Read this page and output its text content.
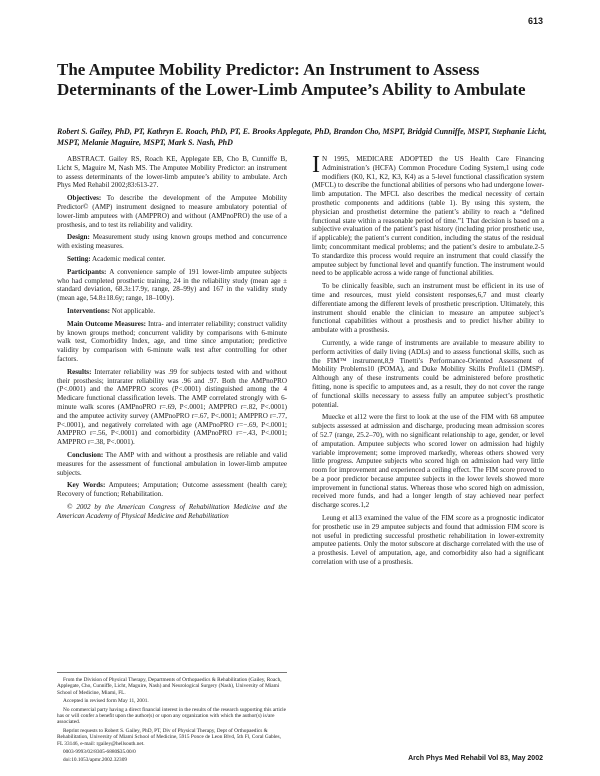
613
The Amputee Mobility Predictor: An Instrument to Assess Determinants of the Lower-Limb Amputee’s Ability to Ambulate
Robert S. Gailey, PhD, PT, Kathryn E. Roach, PhD, PT, E. Brooks Applegate, PhD, Brandon Cho, MSPT, Bridgid Cunniffe, MSPT, Stephanie Licht, MSPT, Melanie Maguire, MSPT, Mark S. Nash, PhD

ABSTRACT. Gailey RS, Roach KE, Applegate EB, Cho B, Cunniffe B, Licht S, Maguire M, Nash MS. The Amputee Mobility Predictor: an instrument to assess determinants of the lower-limb amputee’s ability to ambulate. Arch Phys Med Rehabil 2002;83:613-27.

Objectives: To describe the development of the Amputee Mobility Predictor© (AMP) instrument designed to measure ambulatory potential of lower-limb amputees with (AMPPRO) and without (AMPnoPRO) the use of a prosthesis, and to test its reliability and validity.

Design: Measurement study using known groups method and concurrence with existing measures.

Setting: Academic medical center.

Participants: A convenience sample of 191 lower-limb amputee subjects who had completed prosthetic training, 24 in the reliability study (mean age ± standard deviation, 68.3±17.9y, range, 28–99y) and 167 in the validity study (mean age, 54.8±18.6y; range, 18–100y).

Interventions: Not applicable.

Main Outcome Measures: Intra- and interrater reliability; construct validity by known groups method; concurrent validity by comparisons with 6-minute walk test, Comorbidity Index, age, and time since amputation; predictive validity by comparison with 6-minute walk test after controlling for other factors.

Results: Interrater reliability was .99 for subjects tested with and without their prosthesis; intrarater reliability was .96 and .97. Both the AMPnoPRO (P<.0001) and the AMPPRO scores (P<.0001) distinguished among the 4 Medicare functional classification levels. The AMP correlated strongly with 6-minute walk scores (AMPnoPRO r=.69, P<.0001; AMPPRO r=.82, P<.0001) and the amputee activity survey (AMPnoPRO r=.67, P<.0001; AMPPRO r=.77, P<.0001), and negatively correlated with age (AMPnoPRO r=−.69, P<.0001; AMPPRO r=.56, P<.0001) and comorbidity (AMPnoPRO r=−.43, P<.0001; AMPPRO r=.38, P<.0001).

Conclusion: The AMP with and without a prosthesis are reliable and valid measures for the assessment of functional ambulation in lower-limb amputee subjects.

Key Words: Amputees; Amputation; Outcome assessment (health care); Recovery of function; Rehabilitation.

© 2002 by the American Congress of Rehabilitation Medicine and the American Academy of Physical Medicine and Rehabilitation

From the Division of Physical Therapy, Departments of Orthopaedics & Rehabilitation (Gailey, Roach, Applegate, Cho, Cunniffe, Licht, Maguire, Nash) and Neurological Surgery (Nash), University of Miami School of Medicine, Miami, FL.

Accepted in revised form May 11, 2001.

No commercial party having a direct financial interest in the results of the research supporting this article has or will confer a benefit upon the author(s) or upon any organization with which the author(s) is/are associated.

Reprint requests to Robert S. Gailey, PhD, PT, Div of Physical Therapy, Dept of Orthopaedics & Rehabilitation, University of Miami School of Medicine, 5915 Ponce de Leon Blvd, 5th Fl, Coral Gables, FL 33146, e-mail: rgailey@hellsouth.net.

0003-9993/02/8305-6880$35.00/0

doi:10.1053/apmr.2002.32309

I N 1995, MEDICARE ADOPTED the US Health Care Financing Administration’s (HCFA) Common Procedure Coding System,1 using code modifiers (K0, K1, K2, K3, K4) as a 5-level functional classification system (MFCL) to describe the functional abilities of persons who had undergone lower-limb amputation. The MFCL also describes the medical necessity of certain prosthetic components and additions (table 1). By using this system, the physician and prosthetist determine the patient’s ability to reach a “defined functional state within a reasonable period of time.”1 That decision is based on a subjective evaluation of the patient’s past history (including prior prosthetic use, if applicable); the patient’s current condition, including the status of the residual limb; concommitant medical problems; and the patient’s desire to ambulate.2-5 To standardize this process would require an instrument that could classify the amputee subject by functional level and quantify function. The instrument would need to be applicable across a wide range of functional abilities.

To be clinically feasible, such an instrument must be efficient in its use of time and resources, must yield consistent responses,6,7 and must clearly differentiate among the different levels of prosthetic prescription. Ultimately, this instrument should enable the clinician to measure an amputee subject’s functional capabilities without a prosthesis and to predict his/her ability to ambulate with a prosthesis.

Currently, a wide range of instruments are available to measure ability to perform activities of daily living (ADLs) and to assess functional skills, such as the FIM™ instrument,8,9 Tinetti’s Performance-Oriented Assessment of Mobility Problems10 (POMA), and Duke Mobility Skills Profile11 (DMSP). Although any of these instruments could be administered before prosthetic fitting, none is specific to amputees and, as a result, they do not cover the range of functional skills necessary to assess fully an amputee subject’s prosthetic potential.

Muecke et al12 were the first to look at the use of the FIM with 68 amputee subjects assessed at admission and discharge, producing mean admission scores of 52.7 (range, 25.2–70), with no significant relationship to age, gender, or level of amputation. Amputee subjects who scored lower on admission had highly variable improvement; some improved markedly, whereas others showed very little progress. Amputee subjects who scored high on admission had very little room for improvement and experienced a ceiling effect. The FIM score proved to be a poor predictor because amputee subjects in the lower levels showed more improvement in functional status. Whereas those who scored high on admission, received more funds, and had a longer length of stay achieved near perfect discharge scores.1,2

Leung et al13 examined the value of the FIM score as a prognostic indicator for prosthetic use in 29 amputee subjects and found that admission FIM score is not useful in predicting successful prosthetic rehabilitation in lower-extremity amputee patients. Only the motor subscore at discharge correlated with the use of a prosthesis. Level of amputation, age, and comorbidity also had a significant correlation with use of a prosthesis.

Arch Phys Med Rehabil Vol 83, May 2002
